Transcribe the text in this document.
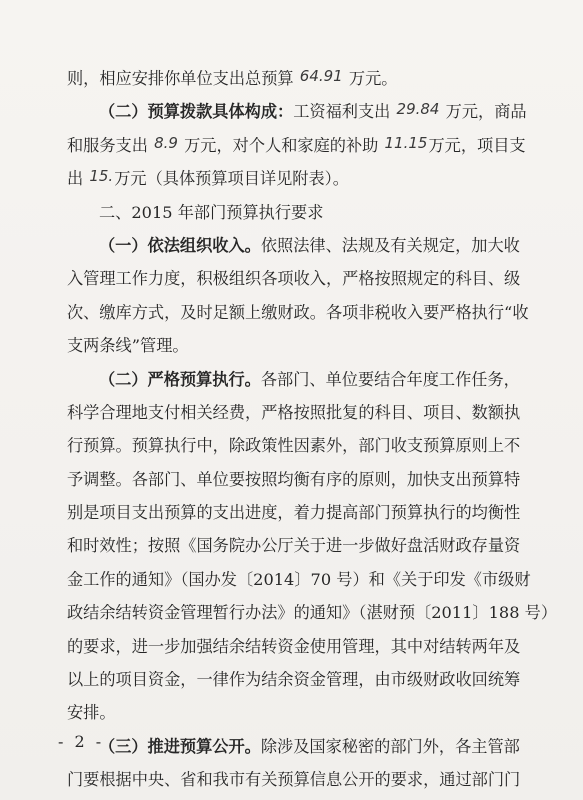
则，相应安排你单位支出总预算 64.91 万元。
（二）预算拨款具体构成：工资福利支出 29.84 万元，商品
和服务支出 8.9 万元，对个人和家庭的补助 11.15万元，项目支
出 15.万元（具体预算项目详见附表）。
二、2015 年部门预算执行要求
（一）依法组织收入。依照法律、法规及有关规定，加大收
入管理工作力度，积极组织各项收入，严格按照规定的科目、级
次、缴库方式，及时足额上缴财政。各项非税收入要严格执行“收
支两条线”管理。
（二）严格预算执行。各部门、单位要结合年度工作任务，
科学合理地支付相关经费，严格按照批复的科目、项目、数额执
行预算。预算执行中，除政策性因素外，部门收支预算原则上不
予调整。各部门、单位要按照均衡有序的原则，加快支出预算特
别是项目支出预算的支出进度，着力提高部门预算执行的均衡性
和时效性；按照《国务院办公厅关于进一步做好盘活财政存量资
金工作的通知》（国办发〔2014〕70 号）和《关于印发《市级财
政结余结转资金管理暂行办法》的通知》（湛财预〔2011〕188 号）
的要求，进一步加强结余结转资金使用管理，其中对结转两年及
以上的项目资金，一律作为结余资金管理，由市级财政收回统筹
安排。
（三）推进预算公开。除涉及国家秘密的部门外，各主管部
门要根据中央、省和我市有关预算信息公开的要求，通过部门门
- 2 -
